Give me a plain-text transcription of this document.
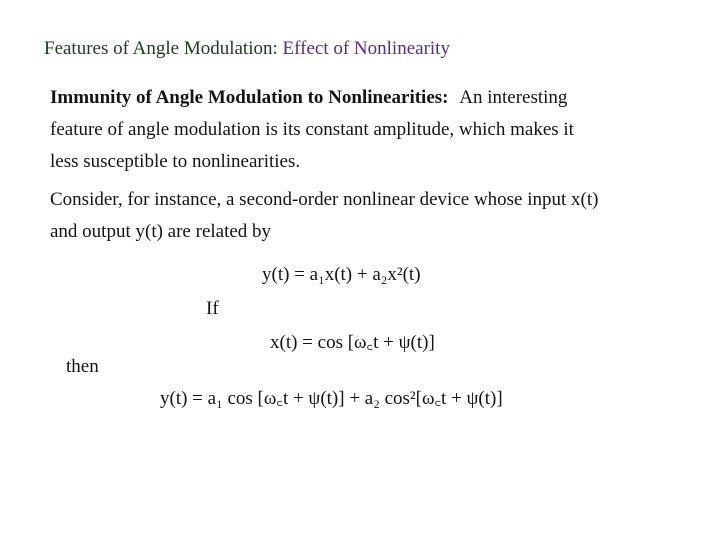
Features of Angle Modulation: Effect of Nonlinearity
Immunity of Angle Modulation to Nonlinearities: An interesting
feature of angle modulation is its constant amplitude, which makes it
less susceptible to nonlinearities.
Consider, for instance, a second-order nonlinear device whose input x(t)
and output y(t) are related by
y(t) = a₁x(t) + a₂x²(t)
If
x(t) = cos [ω꜀t + ψ(t)]
then
y(t) = a₁ cos [ω꜀t + ψ(t)] + a₂ cos²[ω꜀t + ψ(t)]
